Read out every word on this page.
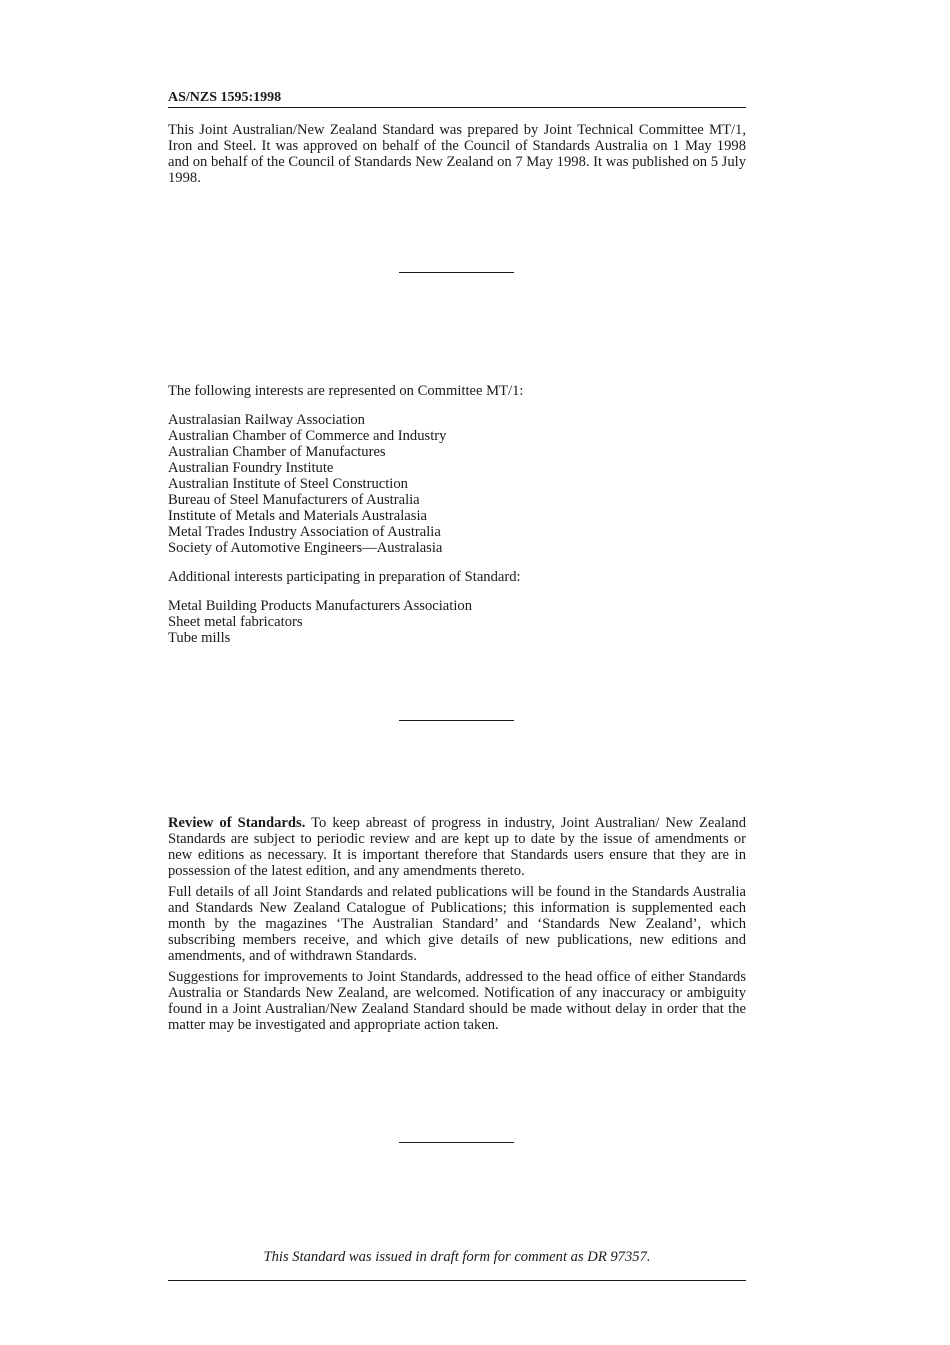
AS/NZS 1595:1998

This Joint Australian/New Zealand Standard was prepared by Joint Technical Committee MT/1, Iron and Steel. It was approved on behalf of the Council of Standards Australia on 1 May 1998 and on behalf of the Council of Standards New Zealand on 7 May 1998. It was published on 5 July 1998.

The following interests are represented on Committee MT/1:

Australasian Railway Association
Australian Chamber of Commerce and Industry
Australian Chamber of Manufactures
Australian Foundry Institute
Australian Institute of Steel Construction
Bureau of Steel Manufacturers of Australia
Institute of Metals and Materials Australasia
Metal Trades Industry Association of Australia
Society of Automotive Engineers—Australasia

Additional interests participating in preparation of Standard:

Metal Building Products Manufacturers Association
Sheet metal fabricators
Tube mills

Review of Standards. To keep abreast of progress in industry, Joint Australian/ New Zealand Standards are subject to periodic review and are kept up to date by the issue of amendments or new editions as necessary. It is important therefore that Standards users ensure that they are in possession of the latest edition, and any amendments thereto.

Full details of all Joint Standards and related publications will be found in the Standards Australia and Standards New Zealand Catalogue of Publications; this information is supplemented each month by the magazines ‘The Australian Standard’ and ‘Standards New Zealand’, which subscribing members receive, and which give details of new publications, new editions and amendments, and of withdrawn Standards.

Suggestions for improvements to Joint Standards, addressed to the head office of either Standards Australia or Standards New Zealand, are welcomed. Notification of any inaccuracy or ambiguity found in a Joint Australian/New Zealand Standard should be made without delay in order that the matter may be investigated and appropriate action taken.

This Standard was issued in draft form for comment as DR 97357.
